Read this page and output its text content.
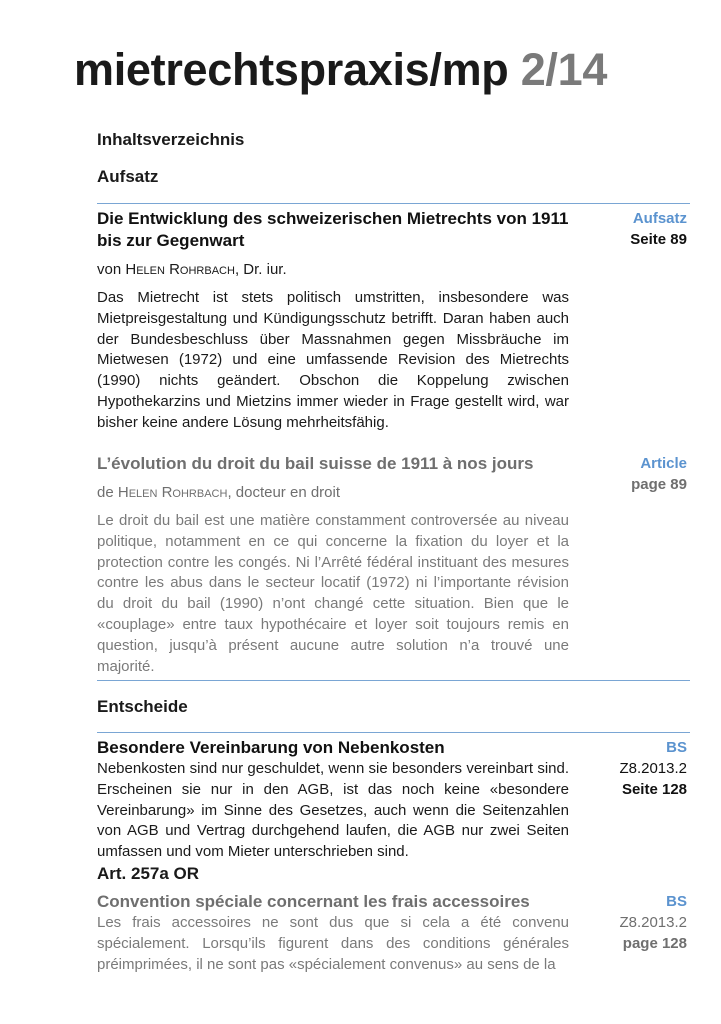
mietrechtspraxis/mp 2/14
Inhaltsverzeichnis
Aufsatz
Die Entwicklung des schweizerischen Mietrechts von 1911 bis zur Gegenwart
von Helen Rohrbach, Dr. iur.
Das Mietrecht ist stets politisch umstritten, insbesondere was Mietpreisgestaltung und Kündigungsschutz betrifft. Daran haben auch der Bundesbeschluss über Massnahmen gegen Missbräuche im Mietwesen (1972) und eine umfassende Revision des Mietrechts (1990) nichts geändert. Obschon die Koppelung zwischen Hypothekarzins und Mietzins immer wieder in Frage gestellt wird, war bisher keine andere Lösung mehrheitsfähig.
Aufsatz
Seite 89
L’évolution du droit du bail suisse de 1911 à nos jours
de Helen Rohrbach, docteur en droit
Le droit du bail est une matière constamment controversée au niveau politique, notamment en ce qui concerne la fixation du loyer et la protection contre les congés. Ni l’Arrêté fédéral instituant des mesures contre les abus dans le secteur locatif (1972) ni l’importante révision du droit du bail (1990) n’ont changé cette situation. Bien que le «couplage» entre taux hypothécaire et loyer soit toujours remis en question, jusqu’à présent aucune autre solution n’a trouvé une majorité.
Article
page 89
Entscheide
Besondere Vereinbarung von Nebenkosten
Nebenkosten sind nur geschuldet, wenn sie besonders vereinbart sind. Erscheinen sie nur in den AGB, ist das noch keine «besondere Vereinbarung» im Sinne des Gesetzes, auch wenn die Seitenzahlen von AGB und Vertrag durchgehend laufen, die AGB nur zwei Seiten umfassen und vom Mieter unterschrieben sind.
Art. 257a OR
BS
Z8.2013.2
Seite 128
Convention spéciale concernant les frais accessoires
Les frais accessoires ne sont dus que si cela a été convenu spécialement. Lorsqu’ils figurent dans des conditions générales préimprimées, il ne sont pas «spécialement convenus» au sens de la
BS
Z8.2013.2
page 128
